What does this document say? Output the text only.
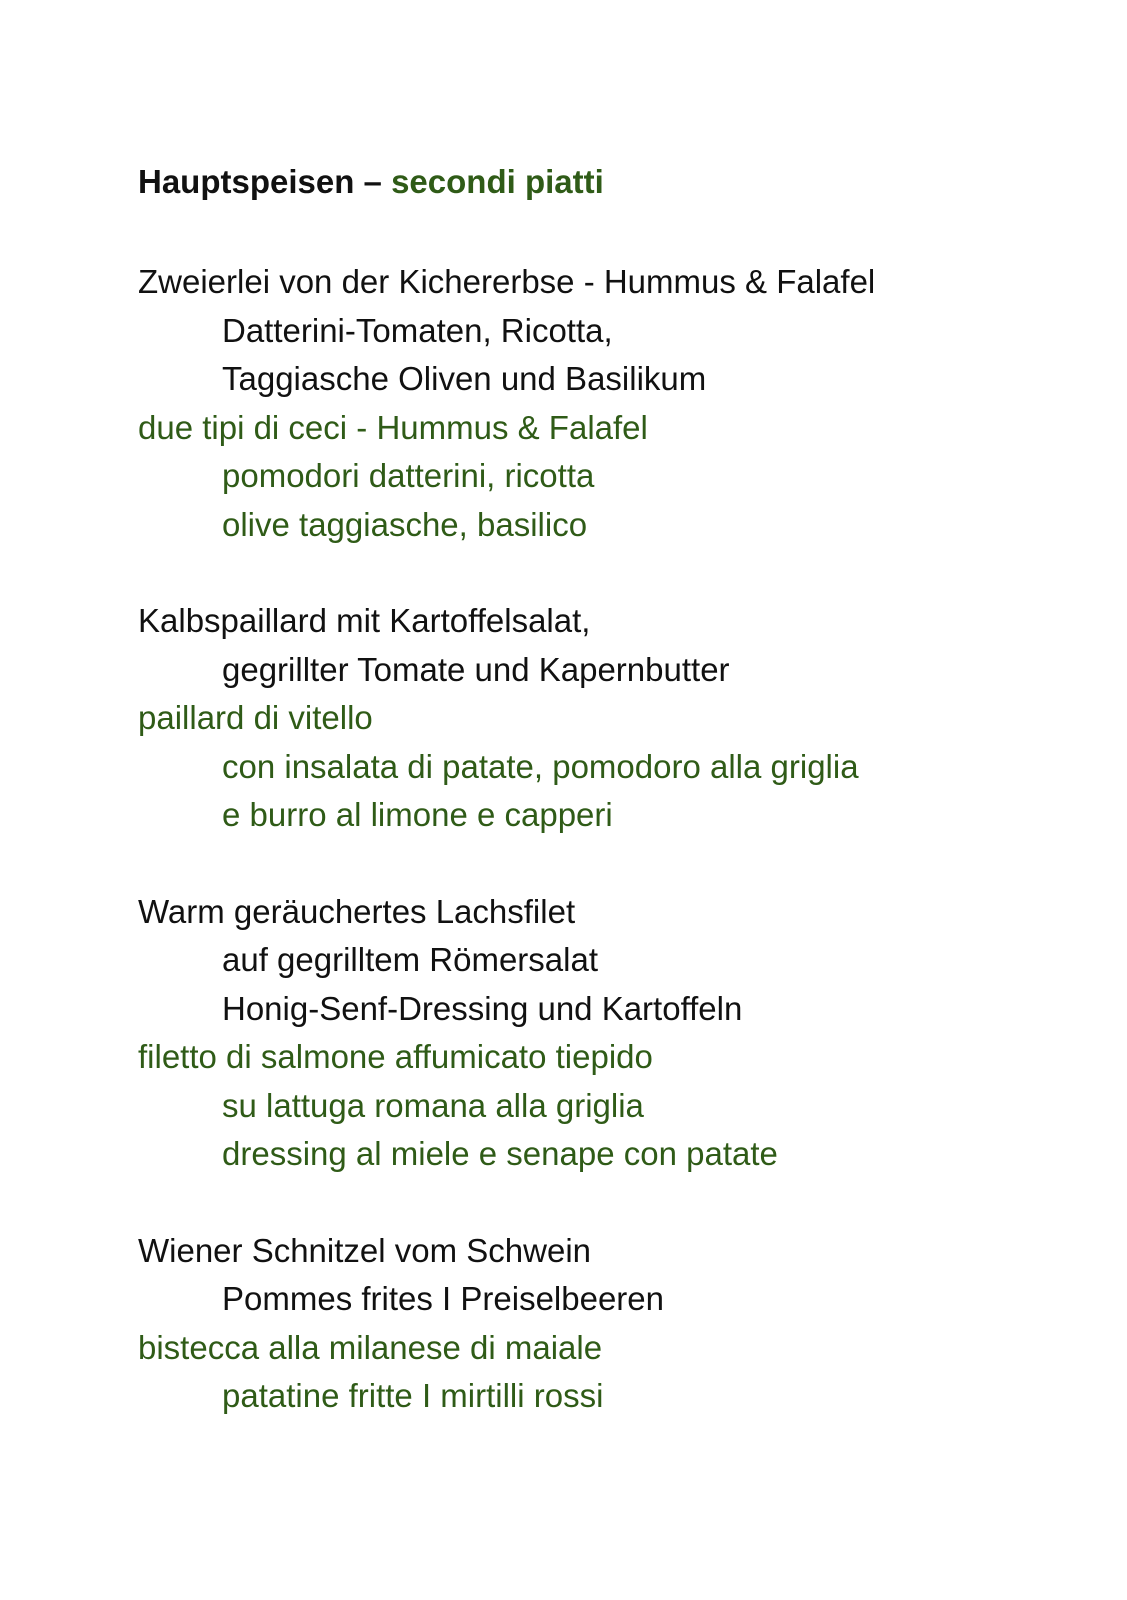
Hauptspeisen – secondi piatti
Zweierlei von der Kichererbse - Hummus & Falafel
Datterini-Tomaten, Ricotta,
Taggiasche Oliven und Basilikum
due tipi di ceci - Hummus & Falafel
pomodori datterini, ricotta
olive taggiasche, basilico
Kalbspaillard mit Kartoffelsalat,
gegrillter Tomate und Kapernbutter
paillard di vitello
con insalata di patate, pomodoro alla griglia
e burro al limone e capperi
Warm geräuchertes Lachsfilet
auf gegrilltem Römersalat
Honig-Senf-Dressing und Kartoffeln
filetto di salmone affumicato tiepido
su lattuga romana alla griglia
dressing al miele e senape con patate
Wiener Schnitzel vom Schwein
Pommes frites I Preiselbeeren
bistecca alla milanese di maiale
patatine fritte I mirtilli rossi
